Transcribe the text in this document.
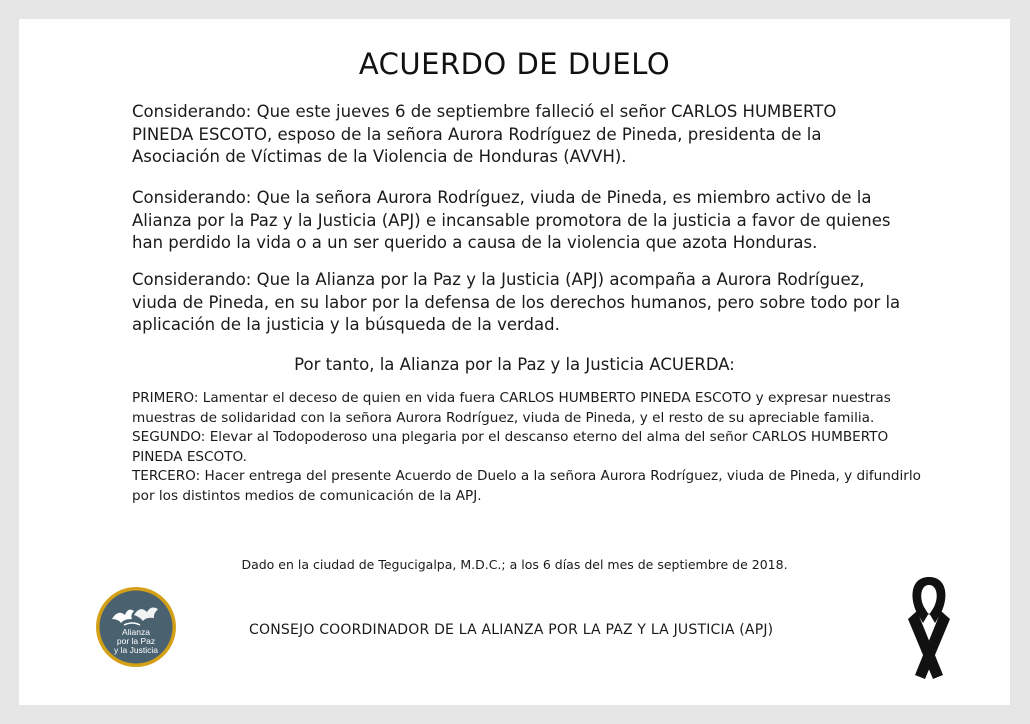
ACUERDO DE DUELO

Considerando: Que este jueves 6 de septiembre falleció el señor CARLOS HUMBERTO PINEDA ESCOTO, esposo de la señora Aurora Rodríguez de Pineda, presidenta de la Asociación de Víctimas de la Violencia de Honduras (AVVH).

Considerando: Que la señora Aurora Rodríguez, viuda de Pineda, es miembro activo de la Alianza por la Paz y la Justicia (APJ) e incansable promotora de la justicia a favor de quienes han perdido la vida o a un ser querido a causa de la violencia que azota Honduras.

Considerando: Que la Alianza por la Paz y la Justicia (APJ) acompaña a Aurora Rodríguez, viuda de Pineda, en su labor por la defensa de los derechos humanos, pero sobre todo por la aplicación de la justicia y la búsqueda de la verdad.

Por tanto, la Alianza por la Paz y la Justicia ACUERDA:

PRIMERO: Lamentar el deceso de quien en vida fuera CARLOS HUMBERTO PINEDA ESCOTO y expresar nuestras muestras de solidaridad con la señora Aurora Rodríguez, viuda de Pineda, y el resto de su apreciable familia.

SEGUNDO: Elevar al Todopoderoso una plegaria por el descanso eterno del alma del señor CARLOS HUMBERTO PINEDA ESCOTO.

TERCERO: Hacer entrega del presente Acuerdo de Duelo a la señora Aurora Rodríguez, viuda de Pineda, y difundirlo por los distintos medios de comunicación de la APJ.

Dado en la ciudad de Tegucigalpa, M.D.C.; a los 6 días del mes de septiembre de 2018.
CONSEJO COORDINADOR DE LA ALIANZA POR LA PAZ Y LA JUSTICIA (APJ)
Alianza
por la Paz
y la Justicia
